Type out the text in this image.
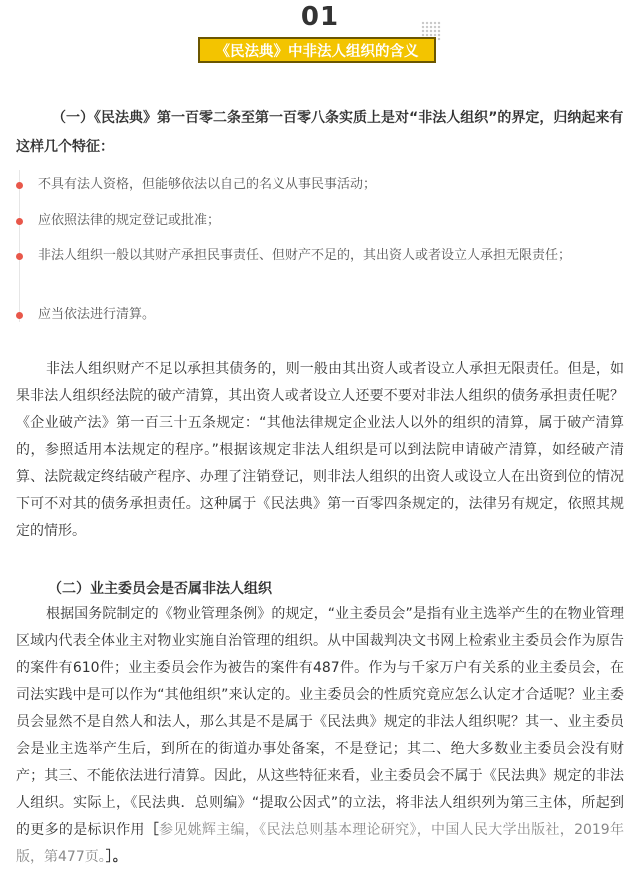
01
《民法典》中非法人组织的含义
（一）《民法典》第一百零二条至第一百零八条实质上是对“非法人组织”的界定，归纳起来有这样几个特征：
不具有法人资格，但能够依法以自己的名义从事民事活动；
应依照法律的规定登记或批准；
非法人组织一般以其财产承担民事责任、但财产不足的，其出资人或者设立人承担无限责任；
应当依法进行清算。
非法人组织财产不足以承担其债务的，则一般由其出资人或者设立人承担无限责任。但是，如果非法人组织经法院的破产清算，其出资人或者设立人还要不要对非法人组织的债务承担责任呢？《企业破产法》第一百三十五条规定：“其他法律规定企业法人以外的组织的清算，属于破产清算的，参照适用本法规定的程序。”根据该规定非法人组织是可以到法院申请破产清算，如经破产清算、法院裁定终结破产程序、办理了注销登记，则非法人组织的出资人或设立人在出资到位的情况下可不对其的债务承担责任。这种属于《民法典》第一百零四条规定的，法律另有规定，依照其规定的情形。
（二）业主委员会是否属非法人组织
根据国务院制定的《物业管理条例》的规定，“业主委员会”是指有业主选举产生的在物业管理区域内代表全体业主对物业实施自治管理的组织。从中国裁判决文书网上检索业主委员会作为原告的案件有610件；业主委员会作为被告的案件有487件。作为与千家万户有关系的业主委员会，在司法实践中是可以作为“其他组织”来认定的。业主委员会的性质究竟应怎么认定才合适呢？业主委员会显然不是自然人和法人，那么其是不是属于《民法典》规定的非法人组织呢？其一、业主委员会是业主选举产生后，到所在的街道办事处备案，不是登记；其二、绝大多数业主委员会没有财产；其三、不能依法进行清算。因此，从这些特征来看，业主委员会不属于《民法典》规定的非法人组织。实际上，《民法典．总则编》“提取公因式”的立法，将非法人组织列为第三主体，所起到的更多的是标识作用［参见姚辉主编，《民法总则基本理论研究》，中国人民大学出版社，2019年版，第477页。］。
